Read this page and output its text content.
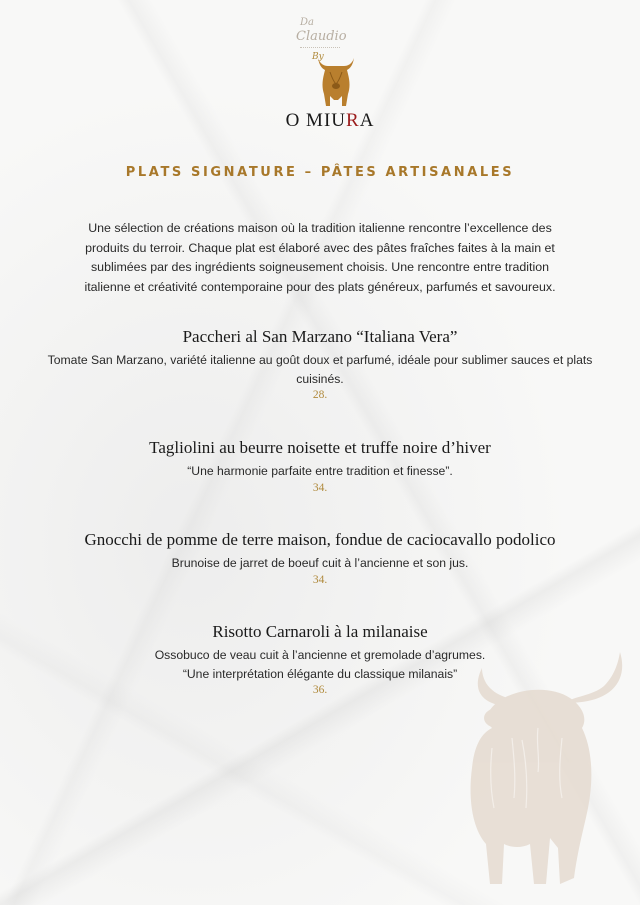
Da
Claudio
By
O MIURA
PLATS SIGNATURE – PÂTES ARTISANALES

Une sélection de créations maison où la tradition italienne rencontre l’excellence des produits du terroir. Chaque plat est élaboré avec des pâtes fraîches faites à la main et sublimées par des ingrédients soigneusement choisis. Une rencontre entre tradition italienne et créativité contemporaine pour des plats généreux, parfumés et savoureux.

Paccheri al San Marzano “Italiana Vera”
Tomate San Marzano, variété italienne au goût doux et parfumé, idéale pour sublimer sauces et plats cuisinés.
28.
Tagliolini au beurre noisette et truffe noire d’hiver
“Une harmonie parfaite entre tradition et finesse”.
34.
Gnocchi de pomme de terre maison, fondue de caciocavallo podolico
Brunoise de jarret de boeuf cuit à l’ancienne et son jus.
34.
Risotto Carnaroli à la milanaise
Ossobuco de veau cuit à l’ancienne et gremolade d’agrumes.
“Une interprétation élégante du classique milanais”
36.
